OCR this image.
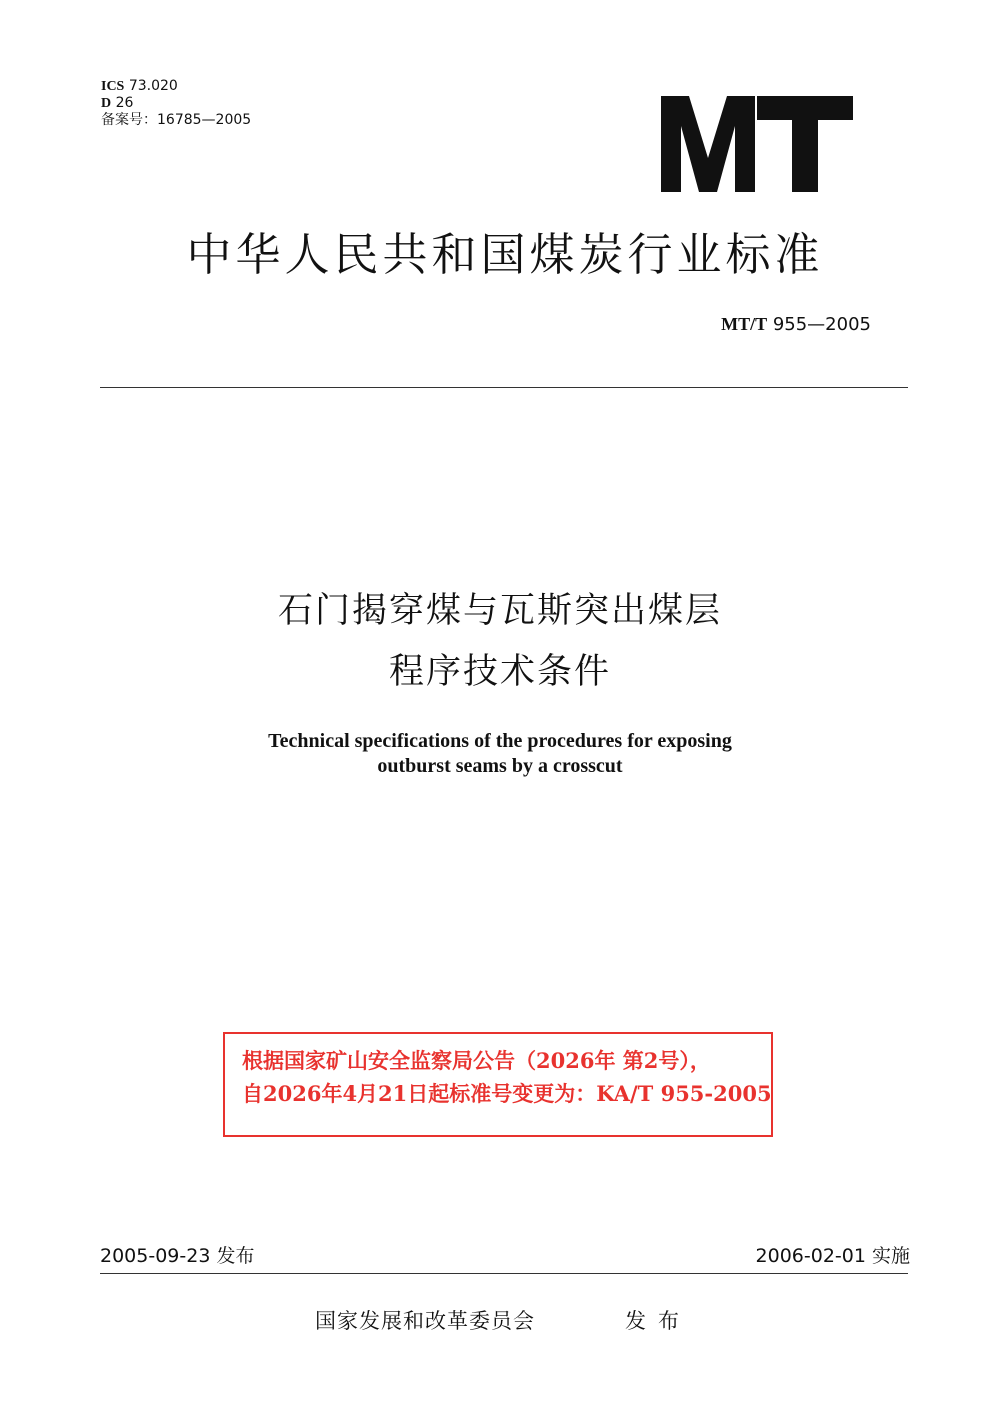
ICS 73.020
D 26
备案号：16785—2005
中华人民共和国煤炭行业标准
MT/T 955—2005
石门揭穿煤与瓦斯突出煤层
程序技术条件
Technical specifications of the procedures for exposing
outburst seams by a crosscut
根据国家矿山安全监察局公告（2026年 第2号），
自2026年4月21日起标准号变更为：KA/T 955-2005
2005-09-23 发布	2006-02-01 实施
国家发展和改革委员会	发布
